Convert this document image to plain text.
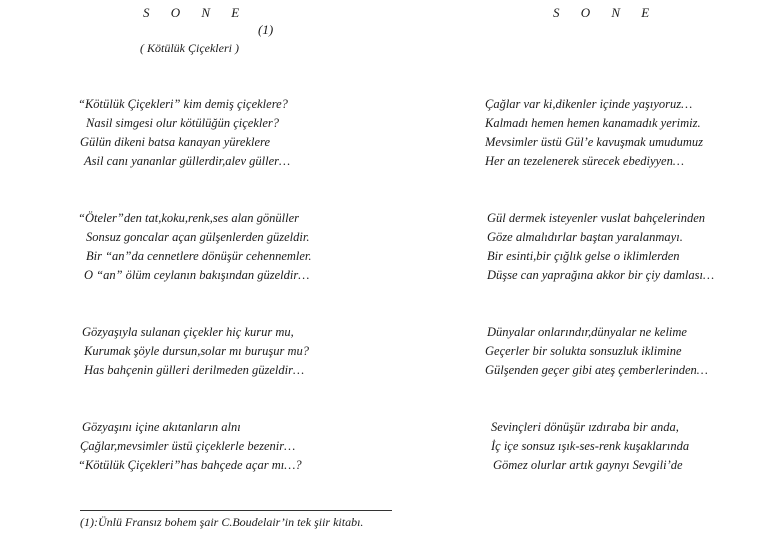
S O N E
(1)
( Kötülük Çiçekleri )
S O N E
“Kötülük Çiçekleri” kim demiş çiçeklere?
Nasil simgesi olur kötülüğün çiçekler?
Gülün dikeni batsa kanayan yüreklere
Asil canı yananlar güllerdir,alev güller…
“Öteler”den tat,koku,renk,ses alan gönüller
Sonsuz goncalar açan gülşenlerden güzeldir.
Bir “an”da cennetlere dönüşür cehennemler.
O “an” ölüm ceylanın bakışından güzeldir…
Gözyaşıyla sulanan çiçekler hiç kurur mu,
Kurumak şöyle dursun,solar mı buruşur mu?
Has bahçenin gülleri derilmeden güzeldir…
Gözyaşını içine akıtanların alnı
Çağlar,mevsimler üstü çiçeklerle bezenir…
“Kötülük Çiçekleri”has bahçede açar mı…?
Çağlar var ki,dikenler içinde yaşıyoruz…
Kalmadı hemen hemen kanamadık yerimiz.
Mevsimler üstü Gül’e kavuşmak umudumuz
Her an tezelenerek sürecek ebediyyen…
Gül dermek isteyenler vuslat bahçelerinden
Göze almalıdırlar baştan yaralanmayı.
Bir esinti,bir çığlık gelse o iklimlerden
Düşse can yaprağına akkor bir çiy damlası…
Dünyalar onlarındır,dünyalar ne kelime
Geçerler bir solukta sonsuzluk iklimine
Gülşenden geçer gibi ateş çemberlerinden…
Sevinçleri dönüşür ızdıraba bir anda,
İç içe sonsuz ışık-ses-renk kuşaklarında
Gömez olurlar artık gaynyı Sevgili’de
(1):Ünlü Fransız bohem şair C.Boudelair’in tek şiir kitabı.
